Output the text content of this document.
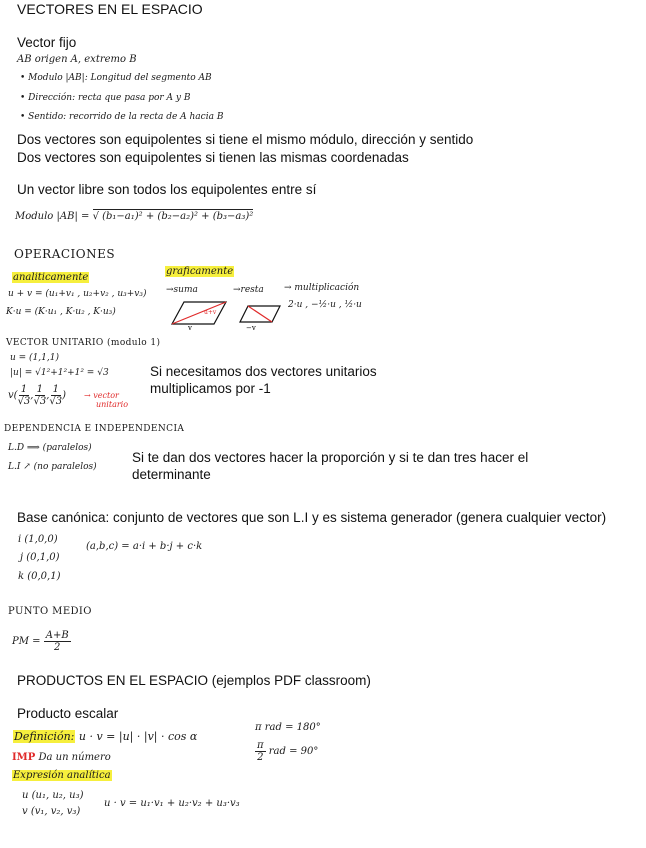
VECTORES EN EL ESPACIO
Vector fijo
AB origen A, extremo B
• Modulo |AB|: Longitud del segmento AB
• Dirección: recta que pasa por A y B
• Sentido: recorrido de la recta de A hacia B
Dos vectores son equipolentes si tiene el mismo módulo, dirección y sentido
Dos vectores son equipolentes si tienen las mismas coordenadas
Un vector libre son todos los equipolentes entre sí
Modulo |AB| = √ (b₁−a₁)² + (b₂−a₂)² + (b₃−a₃)²
OPERACIONES
analiticamente
u + v = (u₁+v₁ , u₂+v₂ , u₃+v₃)
K·u = (K·u₁ , K·u₂ , K·u₃)
graficamente
→suma	→resta → multiplicación
v
u+v
−v
2·u , −½·u , ½·u
VECTOR UNITARIO (modulo 1)
u = (1,1,1)
|u| = √1²+1²+1² = √3
$v( \frac{1}{√3}$ , $\frac{1}{√3}$ , $\frac{1}{√3}$ ) → vector
unitario
Si necesitamos dos vectores unitarios
multiplicamos por -1
DEPENDENCIA E INDEPENDENCIA
L.D ⟹ (paralelos)
L.I ↗ (no paralelos)
Si te dan dos vectores hacer la proporción y si te dan tres hacer el
determinante
Base canónica: conjunto de vectores que son L.I y es sistema generador (genera cualquier vector)
i (1,0,0)
j (0,1,0)
k (0,0,1)
(a,b,c) = a·i + b·j + c·k
PUNTO MEDIO
PM = $\frac{A+B}{2}$
PRODUCTOS EN EL ESPACIO (ejemplos PDF classroom)
Producto escalar
Definición: u · v = |u| · |v| · cos α
π rad = 180°
$\frac{\pi}{2}$ rad = 90°
IMP Da un número
Expresión analítica
u (u₁, u₂, u₃)
v (v₁, v₂, v₃)
u · v = u₁·v₁ + u₂·v₂ + u₃·v₃
